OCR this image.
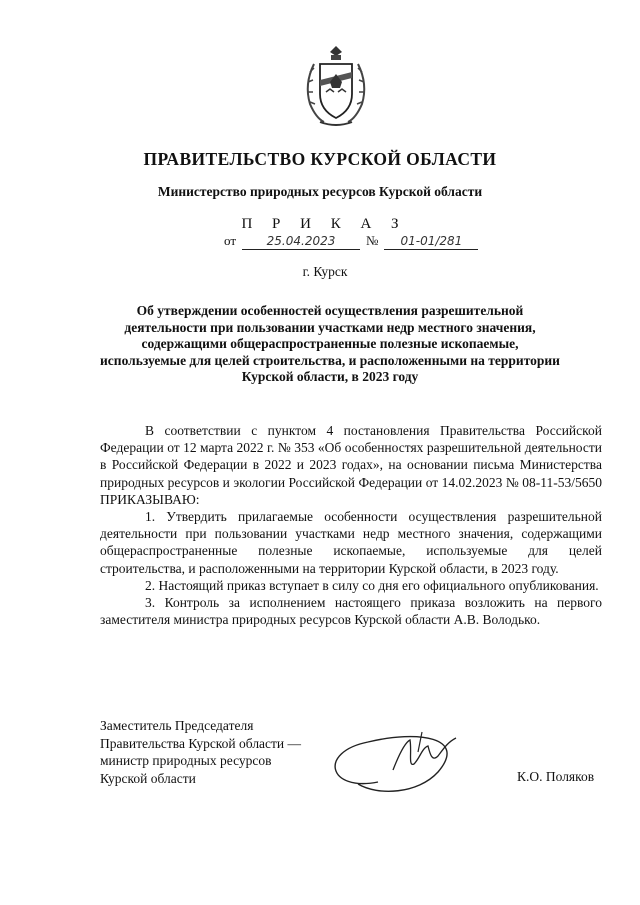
ПРАВИТЕЛЬСТВО КУРСКОЙ ОБЛАСТИ
Министерство природных ресурсов Курской области
П Р И К А З
от	25.04.2023 № 01-01/281
г. Курск
Об утверждении особенностей осуществления разрешительной деятельности при пользовании участками недр местного значения, содержащими общераспространенные полезные ископаемые, используемые для целей строительства, и расположенными на территории Курской области, в 2023 году

В соответствии с пунктом 4 постановления Правительства Российской Федерации от 12 марта 2022 г. № 353 «Об особенностях разрешительной деятельности в Российской Федерации в 2022 и 2023 годах», на основании письма Министерства природных ресурсов и экологии Российской Федерации от 14.02.2023 № 08-11-53/5650 ПРИКАЗЫВАЮ:

1. Утвердить прилагаемые особенности осуществления разрешительной деятельности при пользовании участками недр местного значения, содержащими общераспространенные полезные ископаемые, используемые для целей строительства, и расположенными на территории Курской области, в 2023 году.

2. Настоящий приказ вступает в силу со дня его официального опубликования.

3. Контроль за исполнением настоящего приказа возложить на первого заместителя министра природных ресурсов Курской области А.В. Володько.

Заместитель Председателя
Правительства Курской области —
министр природных ресурсов
Курской области	К.О. Поляков
